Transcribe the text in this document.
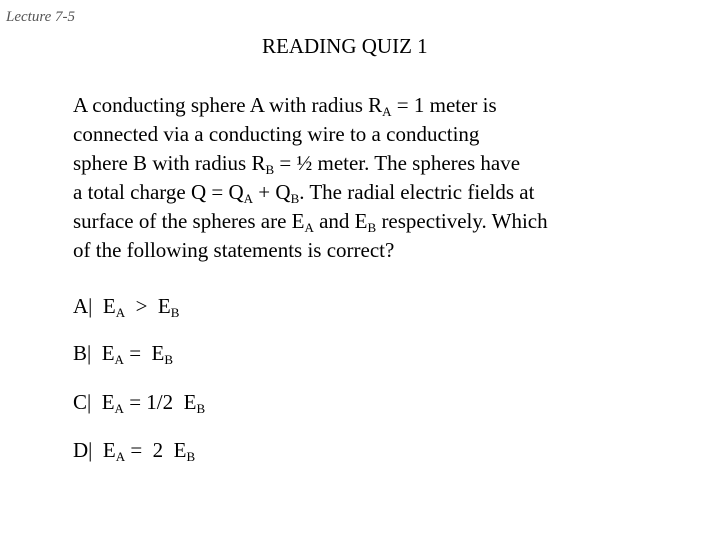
Lecture 7-5
READING QUIZ 1
A conducting sphere A with radius $R_A = 1$ meter is
connected via a conducting wire to a conducting
sphere B with radius $R_B$ = ½ meter. The spheres have
a total charge $Q = Q_A + Q_B$. The radial electric fields at
surface of the spheres are $E_A$ and $E_B$ respectively. Which
of the following statements is correct?
A|  $E_A > E_B$
B|  $E_A = E_B$
C|  $E_A = 1/2$  $E_B$
D|  $E_A = 2$  $E_B$
